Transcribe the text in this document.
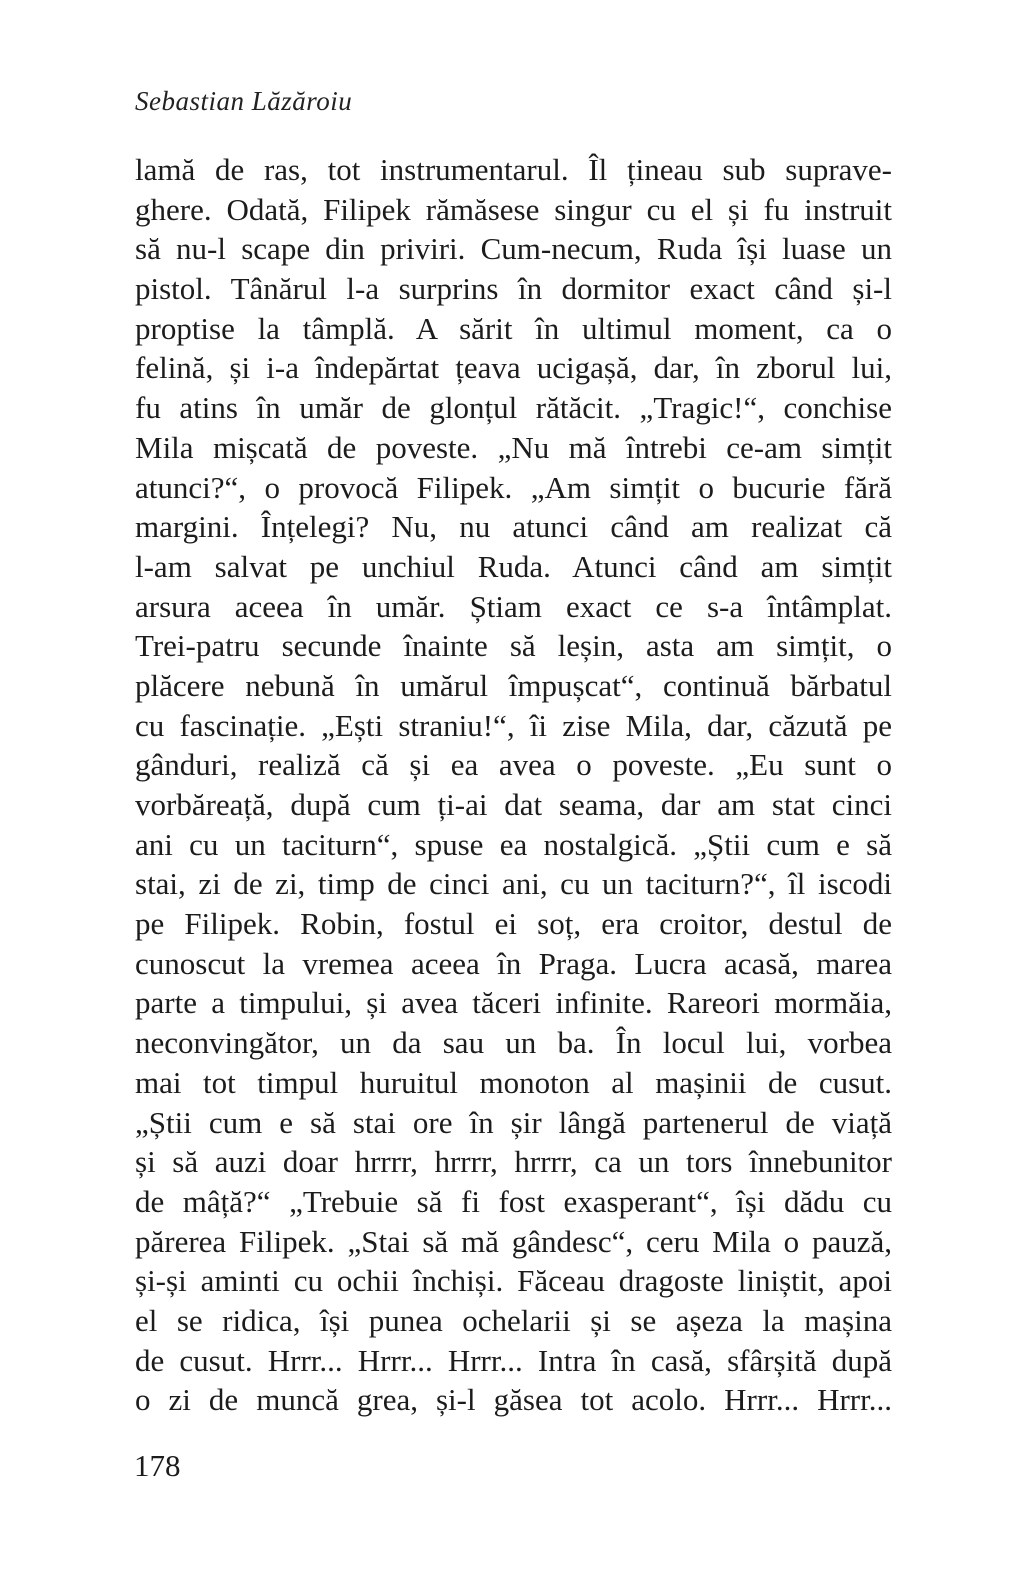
Sebastian Lăzăroiu
lamă de ras, tot instrumentarul. Îl țineau sub suprave-
ghere. Odată, Filipek rămăsese singur cu el și fu instruit
să nu-l scape din priviri. Cum-necum, Ruda își luase un
pistol. Tânărul l-a surprins în dormitor exact când și-l
proptise la tâmplă. A sărit în ultimul moment, ca o
felină, și i-a îndepărtat țeava ucigașă, dar, în zborul lui,
fu atins în umăr de glonțul rătăcit. „Tragic!“, conchise
Mila mișcată de poveste. „Nu mă întrebi ce-am simțit
atunci?“, o provocă Filipek. „Am simțit o bucurie fără
margini. Înțelegi? Nu, nu atunci când am realizat că
l-am salvat pe unchiul Ruda. Atunci când am simțit
arsura aceea în umăr. Știam exact ce s-a întâmplat.
Trei-patru secunde înainte să leșin, asta am simțit, o
plăcere nebună în umărul împușcat“, continuă bărbatul
cu fascinație. „Ești straniu!“, îi zise Mila, dar, căzută pe
gânduri, realiză că și ea avea o poveste. „Eu sunt o
vorbăreață, după cum ți-ai dat seama, dar am stat cinci
ani cu un taciturn“, spuse ea nostalgică. „Știi cum e să
stai, zi de zi, timp de cinci ani, cu un taciturn?“, îl iscodi
pe Filipek. Robin, fostul ei soț, era croitor, destul de
cunoscut la vremea aceea în Praga. Lucra acasă, marea
parte a timpului, și avea tăceri infinite. Rareori mormăia,
neconvingător, un da sau un ba. În locul lui, vorbea
mai tot timpul huruitul monoton al mașinii de cusut.
„Știi cum e să stai ore în șir lângă partenerul de viață
și să auzi doar hrrrr, hrrrr, hrrrr, ca un tors înnebunitor
de mâță?“ „Trebuie să fi fost exasperant“, își dădu cu
părerea Filipek. „Stai să mă gândesc“, ceru Mila o pauză,
și-și aminti cu ochii închiși. Făceau dragoste liniștit, apoi
el se ridica, își punea ochelarii și se așeza la mașina
de cusut. Hrrr... Hrrr... Hrrr... Intra în casă, sfârșită după
o zi de muncă grea, și-l găsea tot acolo. Hrrr... Hrrr...
178
